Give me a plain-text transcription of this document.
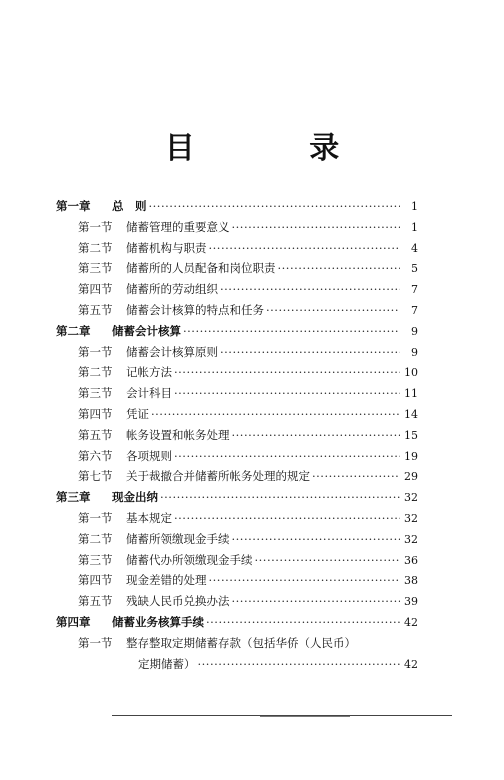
目 录
第一章	总　则 ·····	1
第一节	储蓄管理的重要意义 ·····	1
第二节	储蓄机构与职责 ·····	4
第三节	储蓄所的人员配备和岗位职责 ·····	5
第四节	储蓄所的劳动组织 ·····	7
第五节	储蓄会计核算的特点和任务 ·····	7
第二章	储蓄会计核算 ·····	9
第一节	储蓄会计核算原则 ·····	9
第二节	记帐方法 ·····	10
第三节	会计科目 ·····	11
第四节	凭证 ·····	14
第五节	帐务设置和帐务处理 ·····	15
第六节	各项规则 ·····	19
第七节	关于裁撤合并储蓄所帐务处理的规定 ·····	29
第三章	现金出纳 ·····	32
第一节	基本规定 ·····	32
第二节	储蓄所领缴现金手续 ·····	32
第三节	储蓄代办所领缴现金手续 ·····	36
第四节	现金差错的处理 ·····	38
第五节	残缺人民币兑换办法 ·····	39
第四章	储蓄业务核算手续 ·····	42
第一节	整存整取定期储蓄存款（包括华侨（人民币）
定期储蓄） ·····	42
